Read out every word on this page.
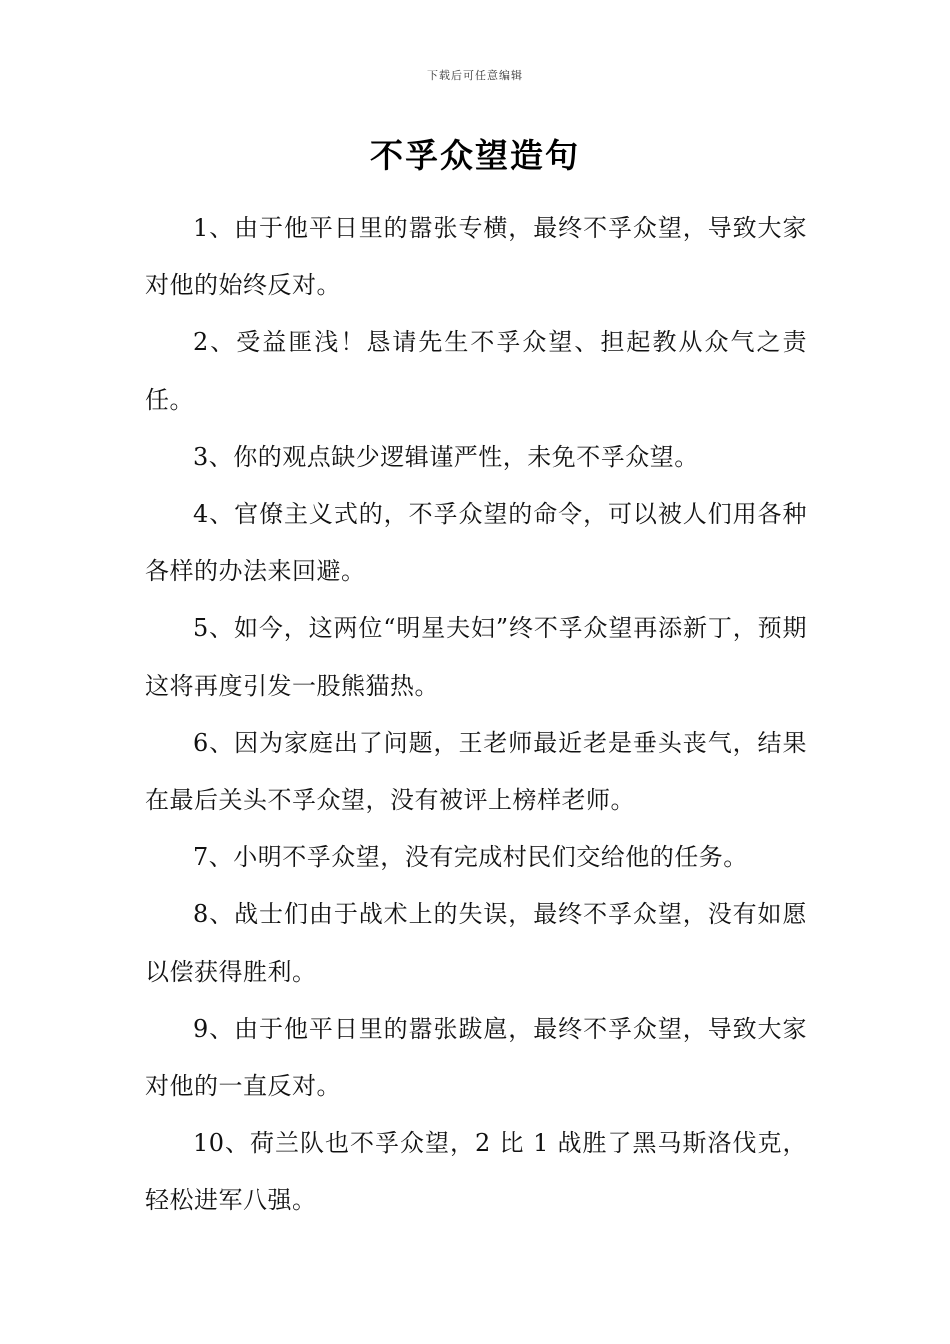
下载后可任意编辑
不孚众望造句

1、由于他平日里的嚣张专横，最终不孚众望，导致大家对他的始终反对。

2、受益匪浅！恳请先生不孚众望、担起教从众气之责任。

3、你的观点缺少逻辑谨严性，未免不孚众望。

4、官僚主义式的，不孚众望的命令，可以被人们用各种各样的办法来回避。

5、如今，这两位“明星夫妇”终不孚众望再添新丁，预期这将再度引发一股熊猫热。

6、因为家庭出了问题，王老师最近老是垂头丧气，结果在最后关头不孚众望，没有被评上榜样老师。

7、小明不孚众望，没有完成村民们交给他的任务。

8、战士们由于战术上的失误，最终不孚众望，没有如愿以偿获得胜利。

9、由于他平日里的嚣张跋扈，最终不孚众望，导致大家对他的一直反对。

10、荷兰队也不孚众望，2 比 1 战胜了黑马斯洛伐克，轻松进军八强。
